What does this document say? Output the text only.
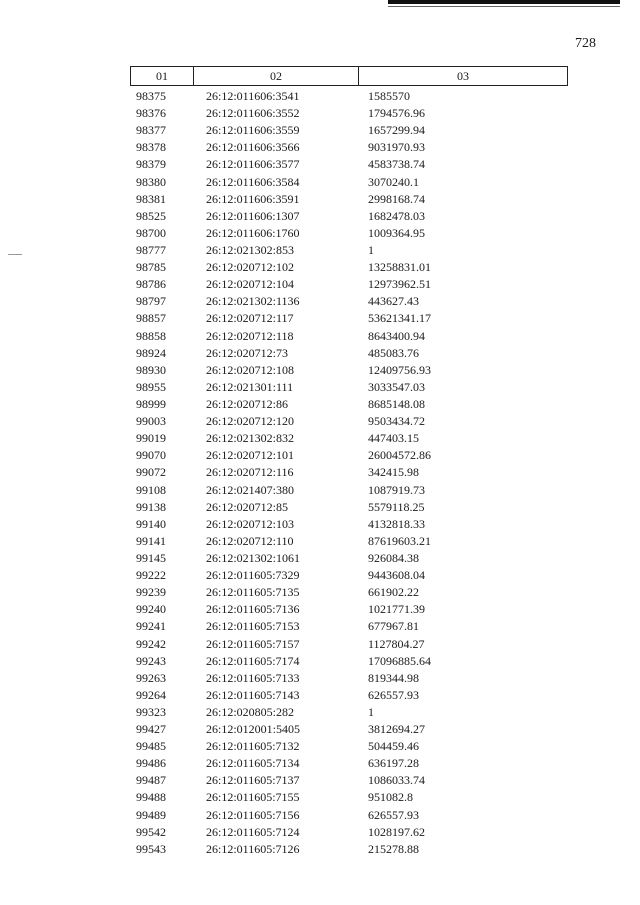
728
01	02	03
98375	26:12:011606:3541	1585570
98376	26:12:011606:3552	1794576.96
98377	26:12:011606:3559	1657299.94
98378	26:12:011606:3566	9031970.93
98379	26:12:011606:3577	4583738.74
98380	26:12:011606:3584	3070240.1
98381	26:12:011606:3591	2998168.74
98525	26:12:011606:1307	1682478.03
98700	26:12:011606:1760	1009364.95
98777	26:12:021302:853	1
98785	26:12:020712:102	13258831.01
98786	26:12:020712:104	12973962.51
98797	26:12:021302:1136	443627.43
98857	26:12:020712:117	53621341.17
98858	26:12:020712:118	8643400.94
98924	26:12:020712:73	485083.76
98930	26:12:020712:108	12409756.93
98955	26:12:021301:111	3033547.03
98999	26:12:020712:86	8685148.08
99003	26:12:020712:120	9503434.72
99019	26:12:021302:832	447403.15
99070	26:12:020712:101	26004572.86
99072	26:12:020712:116	342415.98
99108	26:12:021407:380	1087919.73
99138	26:12:020712:85	5579118.25
99140	26:12:020712:103	4132818.33
99141	26:12:020712:110	87619603.21
99145	26:12:021302:1061	926084.38
99222	26:12:011605:7329	9443608.04
99239	26:12:011605:7135	661902.22
99240	26:12:011605:7136	1021771.39
99241	26:12:011605:7153	677967.81
99242	26:12:011605:7157	1127804.27
99243	26:12:011605:7174	17096885.64
99263	26:12:011605:7133	819344.98
99264	26:12:011605:7143	626557.93
99323	26:12:020805:282	1
99427	26:12:012001:5405	3812694.27
99485	26:12:011605:7132	504459.46
99486	26:12:011605:7134	636197.28
99487	26:12:011605:7137	1086033.74
99488	26:12:011605:7155	951082.8
99489	26:12:011605:7156	626557.93
99542	26:12:011605:7124	1028197.62
99543	26:12:011605:7126	215278.88
